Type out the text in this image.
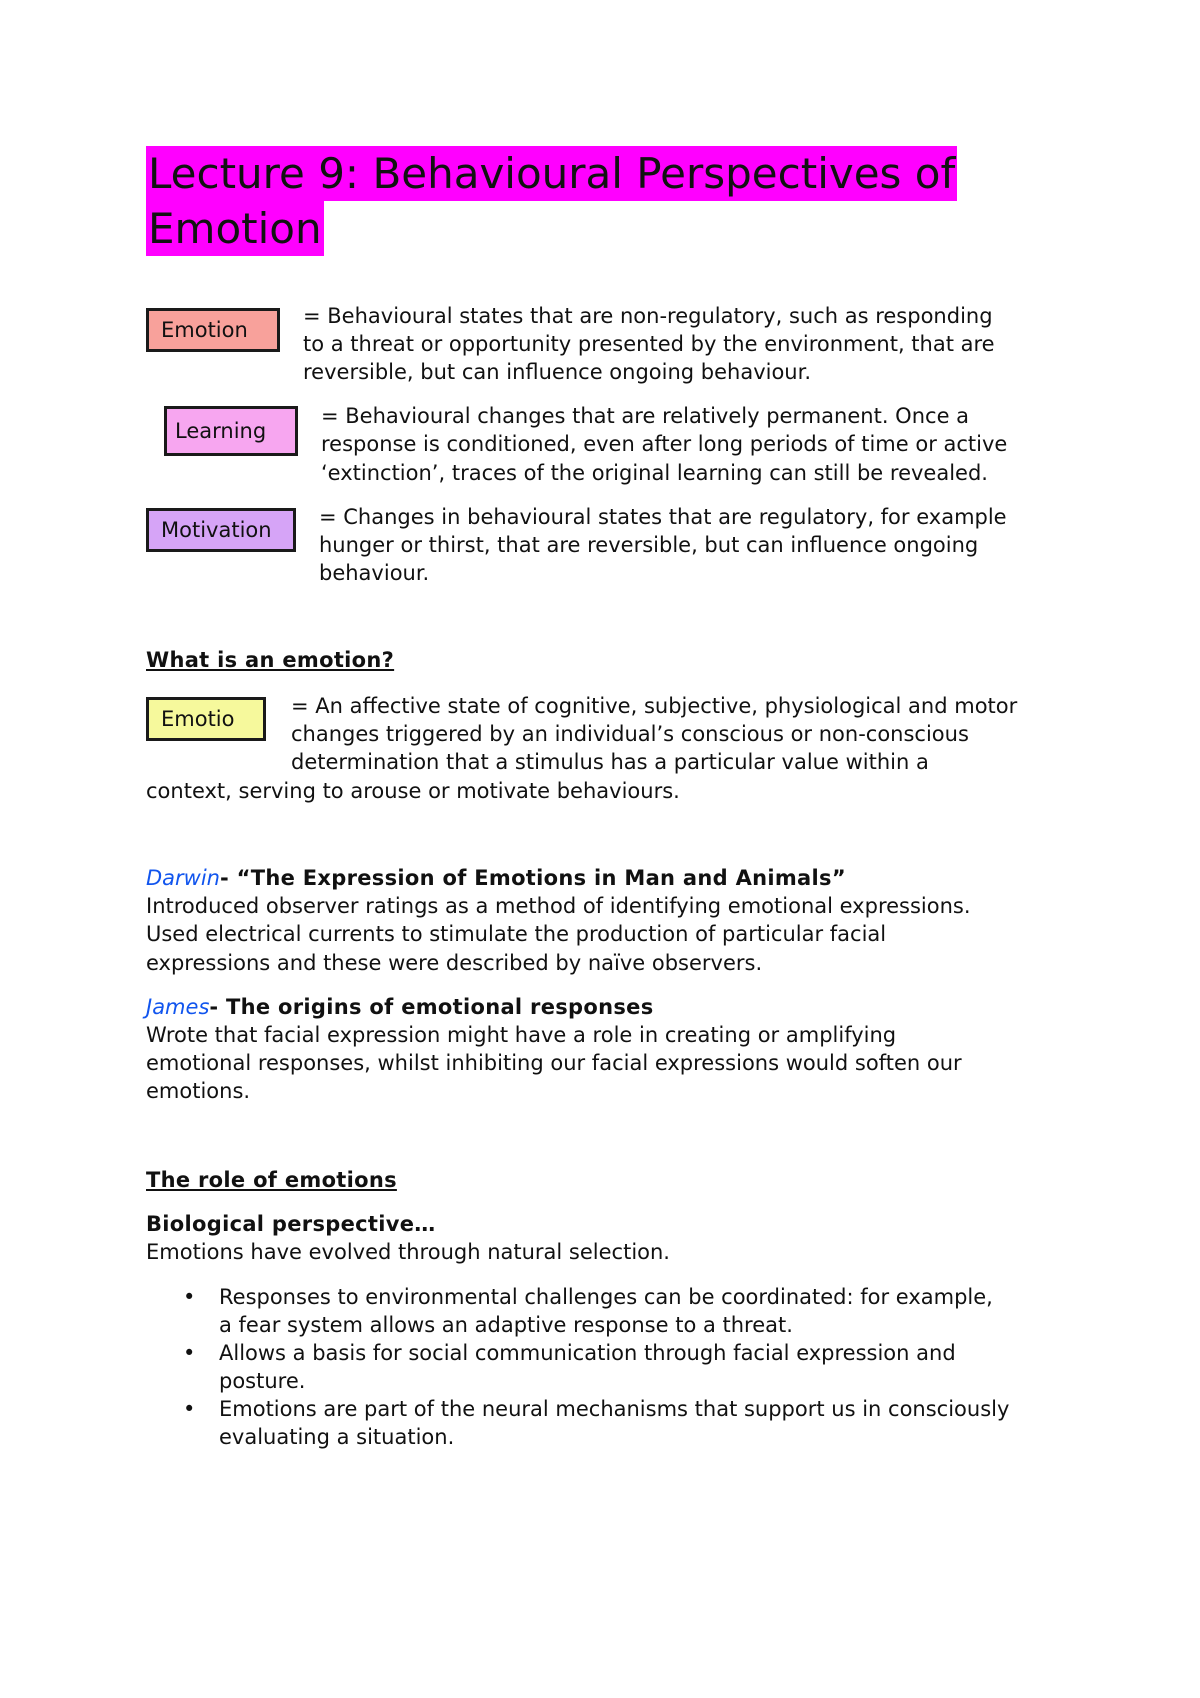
Lecture 9: Behavioural Perspectives of
Emotion
Emotion
= Behavioural states that are non-regulatory, such as responding
to a threat or opportunity presented by the environment, that are
reversible, but can influence ongoing behaviour.
Learning
= Behavioural changes that are relatively permanent. Once a
response is conditioned, even after long periods of time or active
‘extinction’, traces of the original learning can still be revealed.
Motivation
= Changes in behavioural states that are regulatory, for example
hunger or thirst, that are reversible, but can influence ongoing
behaviour.
What is an emotion?
Emotio
= An affective state of cognitive, subjective, physiological and motor
changes triggered by an individual’s conscious or non-conscious
determination that a stimulus has a particular value within a
context, serving to arouse or motivate behaviours.
Darwin- “The Expression of Emotions in Man and Animals”
Introduced observer ratings as a method of identifying emotional expressions.
Used electrical currents to stimulate the production of particular facial
expressions and these were described by naïve observers.
James- The origins of emotional responses
Wrote that facial expression might have a role in creating or amplifying
emotional responses, whilst inhibiting our facial expressions would soften our
emotions.
The role of emotions
Biological perspective…
Emotions have evolved through natural selection.
• Responses to environmental challenges can be coordinated: for example,
a fear system allows an adaptive response to a threat.
• Allows a basis for social communication through facial expression and
posture.
• Emotions are part of the neural mechanisms that support us in consciously
evaluating a situation.
